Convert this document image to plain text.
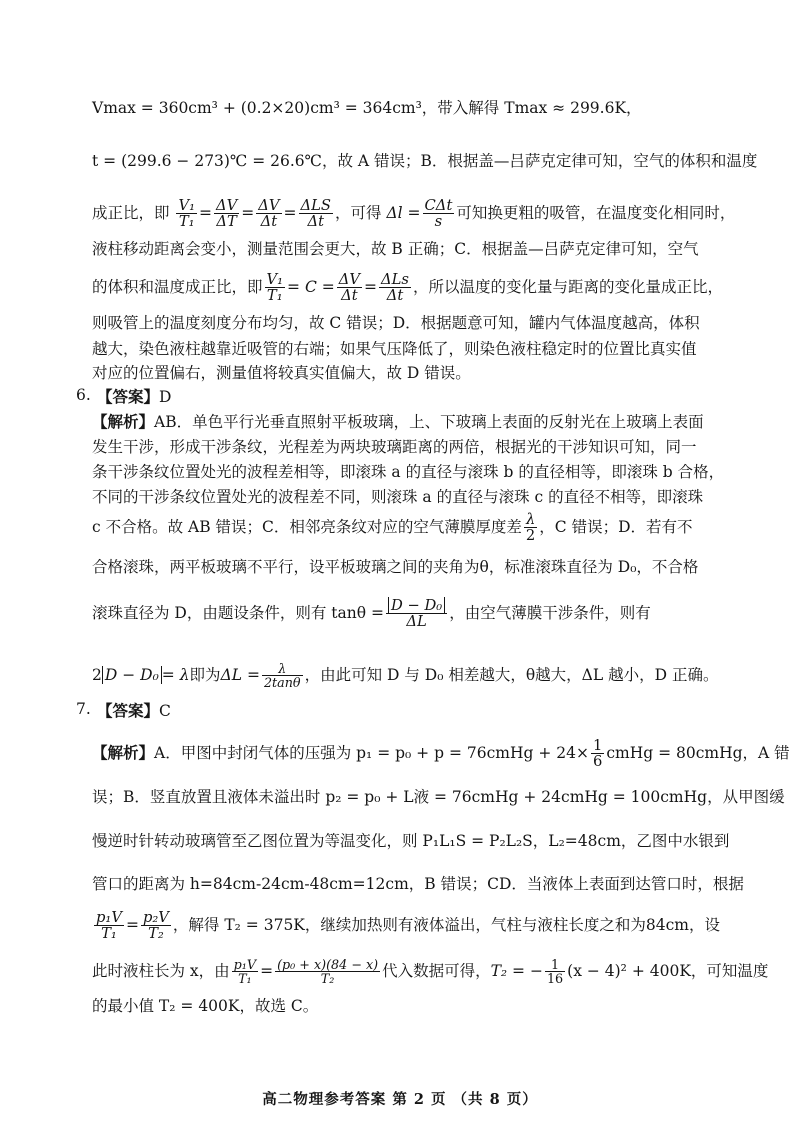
Vmax = 360cm³ + (0.2×20)cm³ = 364cm³，带入解得 Tmax ≈ 299.6K，
t = (299.6 − 273)℃ = 26.6℃，故 A 错误；B．根据盖—吕萨克定律可知，空气的体积和温度
成正比，即 $\frac{\text{V₁}}{\text{T₁}} = \frac{\Delta V}{\Delta T} = \frac{\Delta V}{\Delta t} = \frac{\text{ΔLS}}{\Delta t}$ ，可得 $\Delta l = \frac{\text{CΔt}}{s}$ 可知换更粗的吸管，在温度变化相同时，
液柱移动距离会变小，测量范围会更大，故 B 正确；C．根据盖—吕萨克定律可知，空气
的体积和温度成正比，即 $\frac{\text{V₁}}{\text{T₁}} = C = \frac{\Delta V}{\Delta t} = \frac{\text{ΔLs}}{\Delta t}$ ，所以温度的变化量与距离的变化量成正比，
则吸管上的温度刻度分布均匀，故 C 错误；D．根据题意可知，罐内气体温度越高，体积
越大，染色液柱越靠近吸管的右端；如果气压降低了，则染色液柱稳定时的位置比真实值
对应的位置偏右，测量值将较真实值偏大，故 D 错误。
6. 【答案】D
【解析】AB．单色平行光垂直照射平板玻璃，上、下玻璃上表面的反射光在上玻璃上表面
发生干涉，形成干涉条纹，光程差为两块玻璃距离的两倍，根据光的干涉知识可知，同一
条干涉条纹位置处光的波程差相等，即滚珠 a 的直径与滚珠 b 的直径相等，即滚珠 b 合格，
不同的干涉条纹位置处光的波程差不同，则滚珠 a 的直径与滚珠 c 的直径不相等，即滚珠
c 不合格。故 AB 错误；C．相邻亮条纹对应的空气薄膜厚度差 $\frac{\lambda}{2}$ ，C 错误；D．若有不
合格滚珠，两平板玻璃不平行，设平板玻璃之间的夹角为θ，标准滚珠直径为 D₀，不合格
滚珠直径为 D，由题设条件，则有 $\tan\theta = \frac{\text{D − D₀}}{\Delta L}$ ，由空气薄膜干涉条件，则有
2 D − D₀ = λ即为$\Delta L = \frac{\lambda}{2\tan\theta}$ ，由此可知 D 与 D₀ 相差越大，θ越大，ΔL 越小，D 正确。
7. 【答案】C
【解析】A．甲图中封闭气体的压强为 p₁ = p₀ + p = 76cmHg + $24\times \frac{1}{6}$ cmHg = 80cmHg，A 错
误；B．竖直放置且液体未溢出时 p₂ = p₀ + L液 = 76cmHg + 24cmHg = 100cmHg，从甲图缓
慢逆时针转动玻璃管至乙图位置为等温变化，则 P₁L₁S = P₂L₂S，L₂=48cm，乙图中水银到
管口的距离为 h=84cm-24cm-48cm=12cm，B 错误；CD．当液体上表面到达管口时，根据
$\frac{\text{p₁V}}{\text{T₁}} = \frac{\text{p₂V}}{\text{T₂}}$ ，解得 T₂ = 375K，继续加热则有液体溢出，气柱与液柱长度之和为84cm，设
此时液柱长为 x，由 $\frac{\text{p₁V}}{\text{T₁}} = \frac{\text{(p₀ + x)(84 − x)}}{\text{T₂}}$ 代入数据可得，T₂ = − $\frac{1}{16} (x - 4)^2 + 400K$，可知温度
的最小值 T₂ = 400K，故选 C。
高二物理参考答案 第 2 页 （共 8 页）
